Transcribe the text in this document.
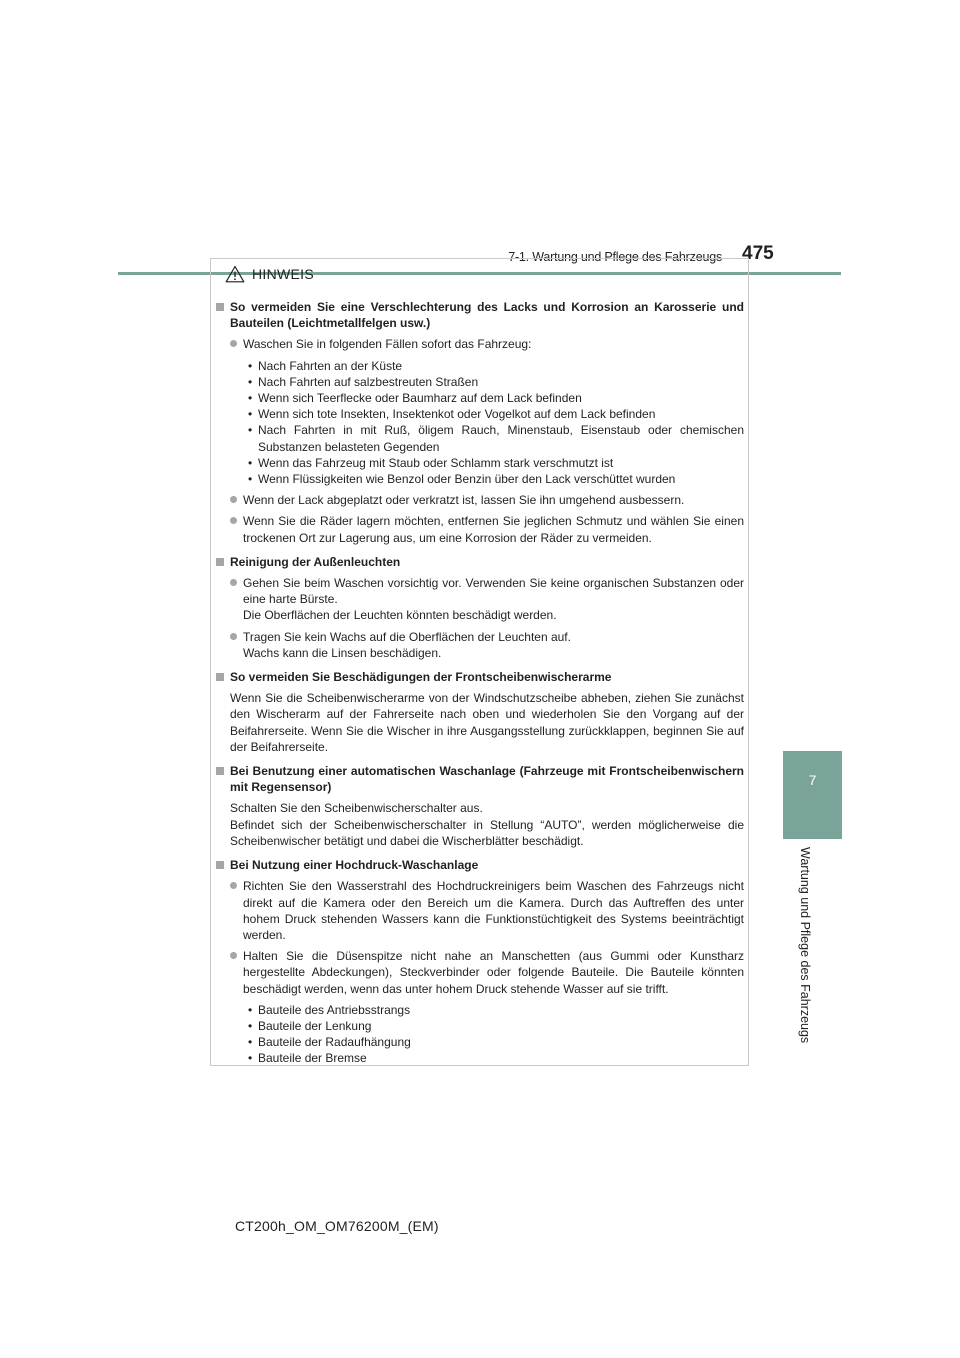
7-1. Wartung und Pflege des Fahrzeugs 475
7
Wartung und Pflege des Fahrzeugs
HINWEIS
So vermeiden Sie eine Verschlechterung des Lacks und Korrosion an Karosserie und Bauteilen (Leichtmetallfelgen usw.)
Waschen Sie in folgenden Fällen sofort das Fahrzeug:
• Nach Fahrten an der Küste
• Nach Fahrten auf salzbestreuten Straßen
• Wenn sich Teerflecke oder Baumharz auf dem Lack befinden
• Wenn sich tote Insekten, Insektenkot oder Vogelkot auf dem Lack befinden
• Nach Fahrten in mit Ruß, öligem Rauch, Minenstaub, Eisenstaub oder chemischen Substanzen belasteten Gegenden
• Wenn das Fahrzeug mit Staub oder Schlamm stark verschmutzt ist
• Wenn Flüssigkeiten wie Benzol oder Benzin über den Lack verschüttet wurden
Wenn der Lack abgeplatzt oder verkratzt ist, lassen Sie ihn umgehend ausbessern.
Wenn Sie die Räder lagern möchten, entfernen Sie jeglichen Schmutz und wählen Sie einen trockenen Ort zur Lagerung aus, um eine Korrosion der Räder zu vermeiden.
Reinigung der Außenleuchten
Gehen Sie beim Waschen vorsichtig vor. Verwenden Sie keine organischen Substanzen oder eine harte Bürste.
Die Oberflächen der Leuchten könnten beschädigt werden.
Tragen Sie kein Wachs auf die Oberflächen der Leuchten auf.
Wachs kann die Linsen beschädigen.
So vermeiden Sie Beschädigungen der Frontscheibenwischerarme
Wenn Sie die Scheibenwischerarme von der Windschutzscheibe abheben, ziehen Sie zunächst den Wischerarm auf der Fahrerseite nach oben und wiederholen Sie den Vorgang auf der Beifahrerseite. Wenn Sie die Wischer in ihre Ausgangsstellung zurückklappen, beginnen Sie auf der Beifahrerseite.
Bei Benutzung einer automatischen Waschanlage (Fahrzeuge mit Frontscheibenwischern mit Regensensor)
Schalten Sie den Scheibenwischerschalter aus.
Befindet sich der Scheibenwischerschalter in Stellung “AUTO”, werden möglicherweise die Scheibenwischer betätigt und dabei die Wischerblätter beschädigt.
Bei Nutzung einer Hochdruck-Waschanlage
Richten Sie den Wasserstrahl des Hochdruckreinigers beim Waschen des Fahrzeugs nicht direkt auf die Kamera oder den Bereich um die Kamera. Durch das Auftreffen des unter hohem Druck stehenden Wassers kann die Funktionstüchtigkeit des Systems beeinträchtigt werden.
Halten Sie die Düsenspitze nicht nahe an Manschetten (aus Gummi oder Kunstharz hergestellte Abdeckungen), Steckverbinder oder folgende Bauteile. Die Bauteile könnten beschädigt werden, wenn das unter hohem Druck stehende Wasser auf sie trifft.
• Bauteile des Antriebsstrangs
• Bauteile der Lenkung
• Bauteile der Radaufhängung
• Bauteile der Bremse
CT200h_OM_OM76200M_(EM)
